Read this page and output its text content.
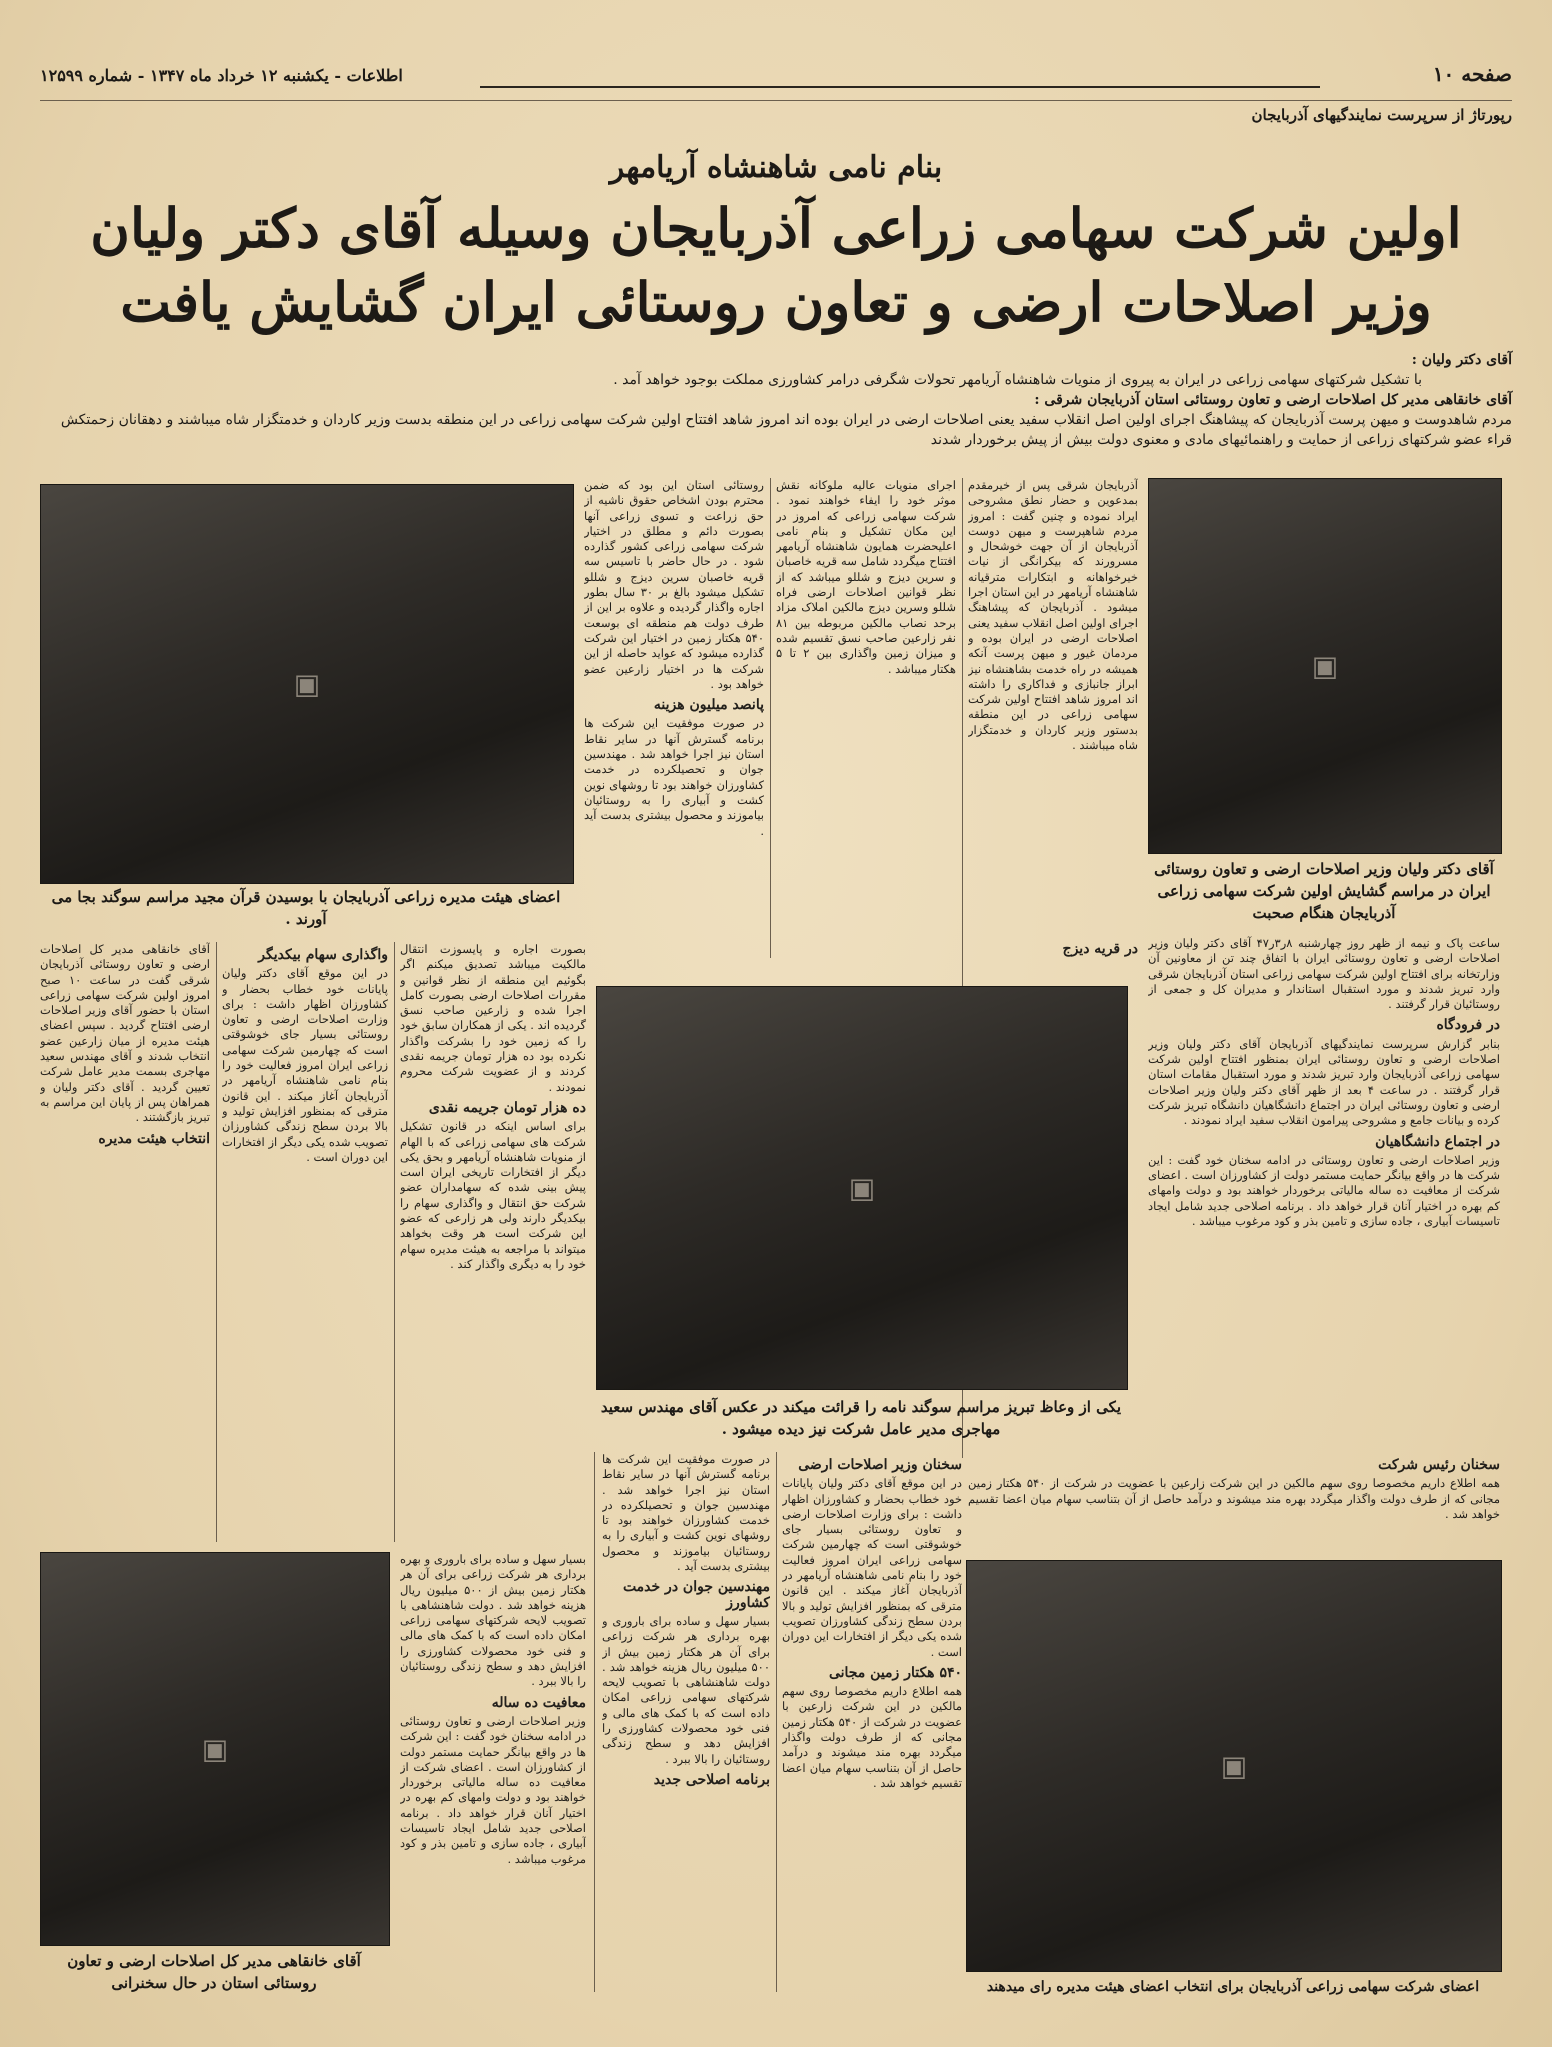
اطلاعات - یکشنبه ۱۲ خرداد ماه ۱۳۴۷ - شماره ۱۲۵۹۹	صفحه ۱۰
رپورتاژ از سرپرست نمایندگیهای آذربایجان
بنام نامی شاهنشاه آریامهر
اولین شرکت سهامی زراعی آذربایجان وسیله آقای دکتر ولیان
وزیر اصلاحات ارضی و تعاون روستائی ایران گشایش یافت
آقای دکتر ولیان :
با تشکیل شرکتهای سهامی زراعی در ایران به پیروی از منویات شاهنشاه آریامهر تحولات شگرفی درامر کشاورزی مملکت بوجود خواهد آمد .
آقای خانقاهی مدیر کل اصلاحات ارضی و تعاون روستائی استان آذربایجان شرقی :
مردم شاهدوست و میهن پرست آذربایجان که پیشاهنگ اجرای اولین اصل انقلاب سفید یعنی اصلاحات ارضی در ایران بوده اند امروز شاهد افتتاح اولین شرکت سهامی زراعی در این منطقه بدست وزیر کاردان و خدمتگزار شاه میباشند و دهقانان زحمتکش قراء عضو شرکتهای زراعی از حمایت و راهنمائیهای مادی و معنوی دولت بیش از پیش برخوردار شدند
▣
آقای دکتر ولیان وزیر اصلاحات ارضی و تعاون روستائی ایران در مراسم گشایش اولین شرکت سهامی زراعی آذربایجان هنگام صحبت
▣
اعضای هیئت مدیره زراعی آذربایجان با بوسیدن قرآن مجید مراسم سوگند بجا می آورند .

آذربایجان شرقی پس از خیرمقدم بمدعوین و حضار نطق مشروحی ایراد نموده و چنین گفت : امروز مردم شاهپرست و میهن دوست آذربایجان از آن جهت خوشحال و مسرورند که بیکرانگی از نیات خیرخواهانه و ابتکارات مترقیانه شاهنشاه آریامهر در این استان اجرا میشود . آذربایجان که پیشاهنگ اجرای اولین اصل انقلاب سفید یعنی اصلاحات ارضی در ایران بوده و مردمان غیور و میهن پرست آنکه همیشه در راه خدمت بشاهنشاه نیز ابراز جانبازی و فداکاری را داشته اند امروز شاهد افتتاح اولین شرکت سهامی زراعی در این منطقه بدستور وزیر کاردان و خدمتگزار شاه میباشند .

اجرای منویات عالیه ملوکانه نقش موثر خود را ایفاء خواهند نمود . شرکت سهامی زراعی که امروز در این مکان تشکیل و بنام نامی اعلیحضرت همایون شاهنشاه آریامهر افتتاح میگردد شامل سه قریه خاصبان و سرین دیزج و شللو میباشد که از نظر قوانین اصلاحات ارضی فراه شللو وسرین دیزج مالکین املاک مزاد برحد نصاب مالکین مربوطه بین ۸۱ نفر زارعین صاحب نسق تقسیم شده و میزان زمین واگذاری بین ۲ تا ۵ هکتار میباشد .

روستائی استان این بود که ضمن محترم بودن اشخاص حقوق ناشیه از حق زراعت و تسوی زراعی آنها بصورت دائم و مطلق در اختیار شرکت سهامی زراعی کشور گذارده شود . در حال حاضر با تاسیس سه قریه خاصبان سرین دیزج و شللو تشکیل میشود بالغ بر ۳۰ سال بطور اجاره واگذار گردیده و علاوه بر این از طرف دولت هم منطقه ای بوسعت ۵۴۰ هکتار زمین در اختیار این شرکت گذارده میشود که عواید حاصله از این شرکت ها در اختیار زارعین عضو خواهد بود .

پانصد میلیون هزینه

در صورت موفقیت این شرکت ها برنامه گسترش آنها در سایر نقاط استان نیز اجرا خواهد شد . مهندسین جوان و تحصیلکرده در خدمت کشاورزان خواهند بود تا روشهای نوین کشت و آبیاری را به روستائیان بیاموزند و محصول بیشتری بدست آید .

▣
یکی از وعاظ تبریز مراسم سوگند نامه را قرائت میکند در عکس آقای مهندس سعید مهاجری مدیر عامل شرکت نیز دیده میشود .

ساعت پاک و نیمه از ظهر روز چهارشنبه ۸ر۳ر۴۷ آقای دکتر ولیان وزیر اصلاحات ارضی و تعاون روستائی ایران با اتفاق چند تن از معاونین آن وزارتخانه برای افتتاح اولین شرکت سهامی زراعی استان آذربایجان شرقی وارد تبریز شدند و مورد استقبال استاندار و مدیران کل و جمعی از روستائیان قرار گرفتند .

در فرودگاه

بنابر گزارش سرپرست نمایندگیهای آذربایجان آقای دکتر ولیان وزیر اصلاحات ارضی و تعاون روستائی ایران بمنظور افتتاح اولین شرکت سهامی زراعی آذربایجان وارد تبریز شدند و مورد استقبال مقامات استان قرار گرفتند . در ساعت ۴ بعد از ظهر آقای دکتر ولیان وزیر اصلاحات ارضی و تعاون روستائی ایران در اجتماع دانشگاهیان دانشگاه تبریز شرکت کرده و بیانات جامع و مشروحی پیرامون انقلاب سفید ایراد نمودند .

در اجتماع دانشگاهیان

وزیر اصلاحات ارضی و تعاون روستائی در ادامه سخنان خود گفت : این شرکت ها در واقع بیانگر حمایت مستمر دولت از کشاورزان است . اعضای شرکت از معافیت ده ساله مالیاتی برخوردار خواهند بود و دولت وامهای کم بهره در اختیار آنان قرار خواهد داد . برنامه اصلاحی جدید شامل ایجاد تاسیسات آبیاری ، جاده سازی و تامین بذر و کود مرغوب میباشد .

در قریه دیزج

بصورت اجاره و پایسوزت انتقال مالکیت میباشد تصدیق میکنم اگر بگوئیم این منطقه از نظر قوانین و مقررات اصلاحات ارضی بصورت کامل اجرا شده و زارعین صاحب نسق گردیده اند . یکی از همکاران سابق خود را که زمین خود را بشرکت واگذار نکرده بود ده هزار تومان جریمه نقدی کردند و از عضویت شرکت محروم نمودند .

ده هزار تومان جریمه نقدی

برای اساس اینکه در قانون تشکیل شرکت های سهامی زراعی که با الهام از منویات شاهنشاه آریامهر و بحق یکی دیگر از افتخارات تاریخی ایران است پیش بینی شده که سهامداران عضو شرکت حق انتقال و واگذاری سهام را بیکدیگر دارند ولی هر زارعی که عضو این شرکت است هر وقت بخواهد میتواند با مراجعه به هیئت مدیره سهام خود را به دیگری واگذار کند .

واگذاری سهام بیکدیگر

در این موقع آقای دکتر ولیان پایانات خود خطاب بحضار و کشاورزان اظهار داشت : برای وزارت اصلاحات ارضی و تعاون روستائی بسیار جای خوشوقتی است که چهارمین شرکت سهامی زراعی ایران امروز فعالیت خود را بنام نامی شاهنشاه آریامهر در آذربایجان آغاز میکند . این قانون مترقی که بمنظور افزایش تولید و بالا بردن سطح زندگی کشاورزان تصویب شده یکی دیگر از افتخارات این دوران است .

آقای خانقاهی مدیر کل اصلاحات ارضی و تعاون روستائی آذربایجان شرقی گفت در ساعت ۱۰ صبح امروز اولین شرکت سهامی زراعی استان با حضور آقای وزیر اصلاحات ارضی افتتاح گردید . سپس اعضای هیئت مدیره از میان زارعین عضو انتخاب شدند و آقای مهندس سعید مهاجری بسمت مدیر عامل شرکت تعیین گردید . آقای دکتر ولیان و همراهان پس از پایان این مراسم به تبریز بازگشتند .

انتخاب هیئت مدیره
▣
آقای خانقاهی مدیر کل اصلاحات ارضی و تعاون روستائی استان در حال سخنرانی

بسیار سهل و ساده برای باروری و بهره برداری هر شرکت زراعی برای آن هر هکتار زمین بیش از ۵۰۰ میلیون ریال هزینه خواهد شد . دولت شاهنشاهی با تصویب لایحه شرکتهای سهامی زراعی امکان داده است که با کمک های مالی و فنی خود محصولات کشاورزی را افزایش دهد و سطح زندگی روستائیان را بالا ببرد .

معافیت ده ساله

وزیر اصلاحات ارضی و تعاون روستائی در ادامه سخنان خود گفت : این شرکت ها در واقع بیانگر حمایت مستمر دولت از کشاورزان است . اعضای شرکت از معافیت ده ساله مالیاتی برخوردار خواهند بود و دولت وامهای کم بهره در اختیار آنان قرار خواهد داد . برنامه اصلاحی جدید شامل ایجاد تاسیسات آبیاری ، جاده سازی و تامین بذر و کود مرغوب میباشد .

در صورت موفقیت این شرکت ها برنامه گسترش آنها در سایر نقاط استان نیز اجرا خواهد شد . مهندسین جوان و تحصیلکرده در خدمت کشاورزان خواهند بود تا روشهای نوین کشت و آبیاری را به روستائیان بیاموزند و محصول بیشتری بدست آید .

مهندسین جوان در خدمت کشاورز

بسیار سهل و ساده برای باروری و بهره برداری هر شرکت زراعی برای آن هر هکتار زمین بیش از ۵۰۰ میلیون ریال هزینه خواهد شد . دولت شاهنشاهی با تصویب لایحه شرکتهای سهامی زراعی امکان داده است که با کمک های مالی و فنی خود محصولات کشاورزی را افزایش دهد و سطح زندگی روستائیان را بالا ببرد .

برنامه اصلاحی جدید
سخنان وزیر اصلاحات ارضی

در این موقع آقای دکتر ولیان پایانات خود خطاب بحضار و کشاورزان اظهار داشت : برای وزارت اصلاحات ارضی و تعاون روستائی بسیار جای خوشوقتی است که چهارمین شرکت سهامی زراعی ایران امروز فعالیت خود را بنام نامی شاهنشاه آریامهر در آذربایجان آغاز میکند . این قانون مترقی که بمنظور افزایش تولید و بالا بردن سطح زندگی کشاورزان تصویب شده یکی دیگر از افتخارات این دوران است .

۵۴۰ هکتار زمین مجانی

همه اطلاع داریم مخصوصا روی سهم مالکین در این شرکت زارعین با عضویت در شرکت از ۵۴۰ هکتار زمین مجانی که از طرف دولت واگذار میگردد بهره مند میشوند و درآمد حاصل از آن بتناسب سهام میان اعضا تقسیم خواهد شد .

سخنان رئیس شرکت

همه اطلاع داریم مخصوصا روی سهم مالکین در این شرکت زارعین با عضویت در شرکت از ۵۴۰ هکتار زمین مجانی که از طرف دولت واگذار میگردد بهره مند میشوند و درآمد حاصل از آن بتناسب سهام میان اعضا تقسیم خواهد شد .

▣
اعضای شرکت سهامی زراعی آذربایجان برای انتخاب اعضای هیئت مدیره رای میدهند
